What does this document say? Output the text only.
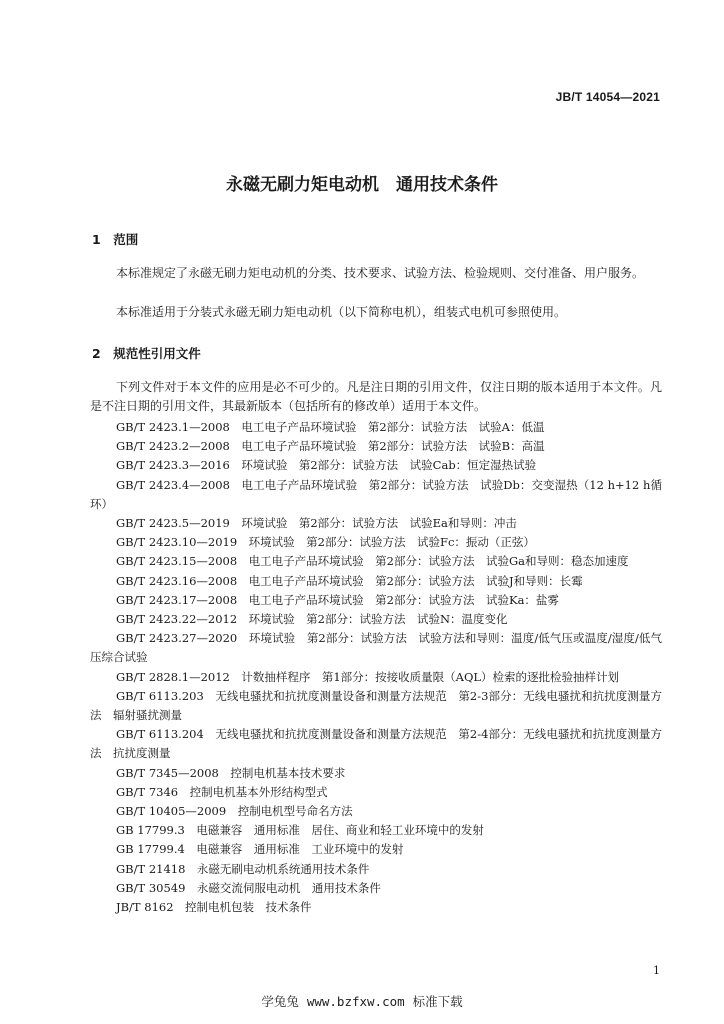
JB/T 14054—2021
永磁无刷力矩电动机　通用技术条件
1　范围
本标准规定了永磁无刷力矩电动机的分类、技术要求、试验方法、检验规则、交付准备、用户服务。
本标准适用于分装式永磁无刷力矩电动机（以下简称电机），组装式电机可参照使用。
2　规范性引用文件
下列文件对于本文件的应用是必不可少的。凡是注日期的引用文件，仅注日期的版本适用于本文件。凡是不注日期的引用文件，其最新版本（包括所有的修改单）适用于本文件。
GB/T 2423.1—2008　电工电子产品环境试验　第2部分：试验方法　试验A：低温
GB/T 2423.2—2008　电工电子产品环境试验　第2部分：试验方法　试验B：高温
GB/T 2423.3—2016　环境试验　第2部分：试验方法　试验Cab：恒定湿热试验
GB/T 2423.4—2008　电工电子产品环境试验　第2部分：试验方法　试验Db：交变湿热（12 h+12 h循环）
GB/T 2423.5—2019　环境试验　第2部分：试验方法　试验Ea和导则：冲击
GB/T 2423.10—2019　环境试验　第2部分：试验方法　试验Fc：振动（正弦）
GB/T 2423.15—2008　电工电子产品环境试验　第2部分：试验方法　试验Ga和导则：稳态加速度
GB/T 2423.16—2008　电工电子产品环境试验　第2部分：试验方法　试验J和导则：长霉
GB/T 2423.17—2008　电工电子产品环境试验　第2部分：试验方法　试验Ka：盐雾
GB/T 2423.22—2012　环境试验　第2部分：试验方法　试验N：温度变化
GB/T 2423.27—2020　环境试验　第2部分：试验方法　试验方法和导则：温度/低气压或温度/湿度/低气压综合试验
GB/T 2828.1—2012　计数抽样程序　第1部分：按接收质量限（AQL）检索的逐批检验抽样计划
GB/T 6113.203　无线电骚扰和抗扰度测量设备和测量方法规范　第2-3部分：无线电骚扰和抗扰度测量方法　辐射骚扰测量
GB/T 6113.204　无线电骚扰和抗扰度测量设备和测量方法规范　第2-4部分：无线电骚扰和抗扰度测量方法　抗扰度测量
GB/T 7345—2008　控制电机基本技术要求
GB/T 7346　控制电机基本外形结构型式
GB/T 10405—2009　控制电机型号命名方法
GB 17799.3　电磁兼容　通用标准　居住、商业和轻工业环境中的发射
GB 17799.4　电磁兼容　通用标准　工业环境中的发射
GB/T 21418　永磁无刷电动机系统通用技术条件
GB/T 30549　永磁交流伺服电动机　通用技术条件
JB/T 8162　控制电机包装　技术条件
1
学兔兔 www.bzfxw.com 标准下载
